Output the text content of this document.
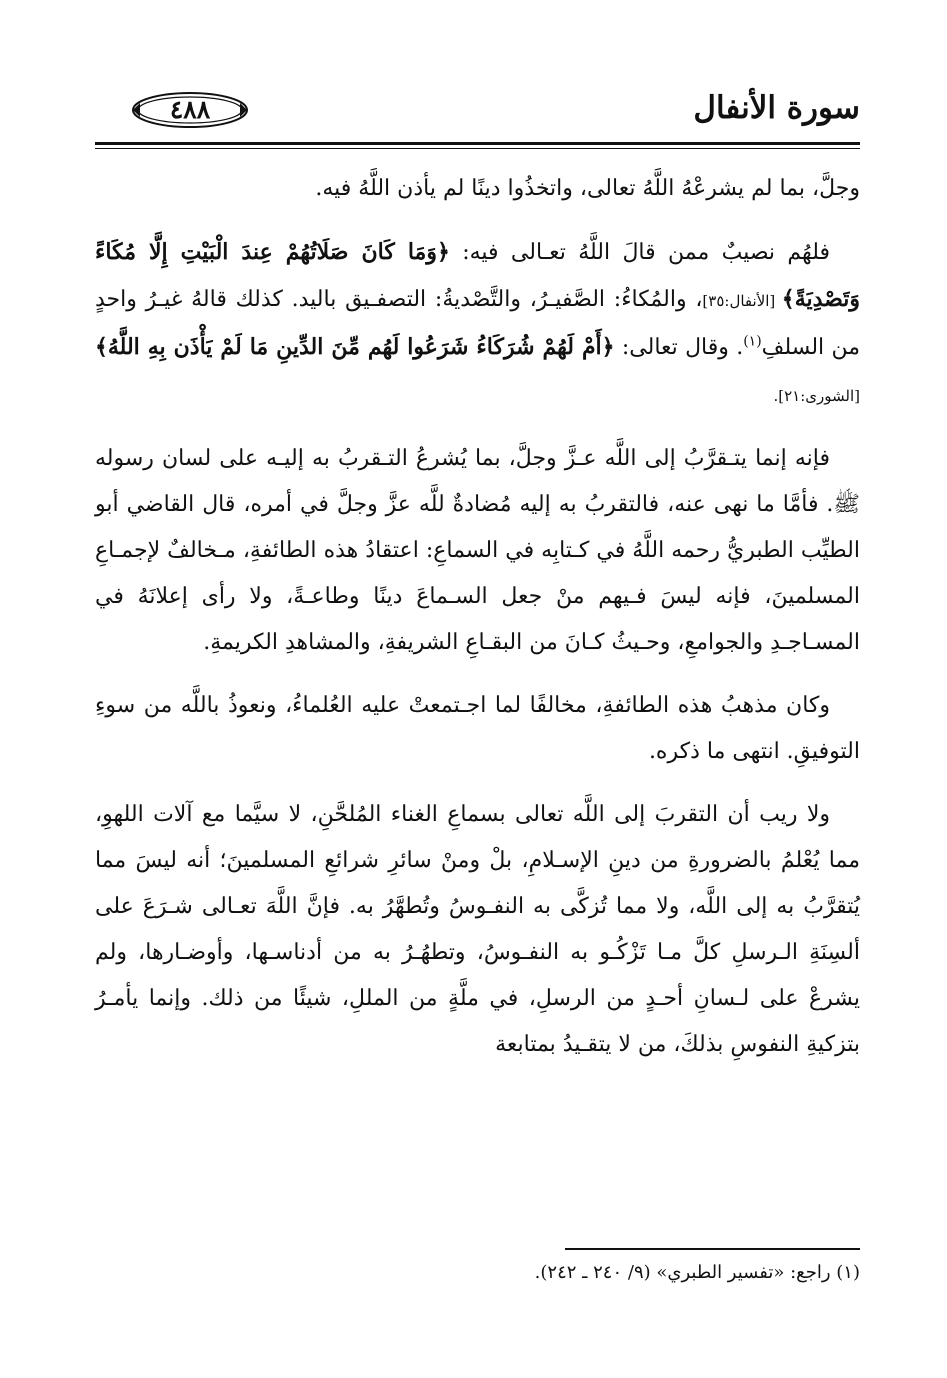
٤٨٨	سورة الأنفال

وجلَّ، بما لم يشرعْهُ اللَّهُ تعالى، واتخذُوا دينًا لم يأذن اللَّهُ فيه.

فلهُم نصيبٌ ممن قالَ اللَّهُ تعـالى فيه: ﴿وَمَا كَانَ صَلَاتُهُمْ عِندَ الْبَيْتِ إِلَّا مُكَاءً وَتَصْدِيَةً﴾ [الأنفال:٣٥]، والمُكاءُ: الصَّفيـرُ، والتَّصْديةُ: التصفـيق باليد. كذلك قالهُ غيـرُ واحدٍ من السلفِ$^{(١)}$. وقال تعالى: ﴿أَمْ لَهُمْ شُرَكَاءُ شَرَعُوا لَهُم مِّنَ الدِّينِ مَا لَمْ يَأْذَن بِهِ اللَّهُ﴾ [الشورى:٢١].

فإنه إنما يتـقرَّبُ إلى اللَّه عـزَّ وجلَّ، بما يُشرعُ التـقربُ به إليـه على لسان رسوله ﷺ. فأمَّا ما نهى عنه، فالتقربُ به إليه مُضادةٌ للَّه عزَّ وجلَّ في أمره، قال القاضي أبو الطيِّب الطبريُّ رحمه اللَّهُ في كـتابِه في السماعِ: اعتقادُ هذه الطائفةِ، مـخالفٌ لإجمـاعِ المسلمينَ، فإنه ليسَ فـيهم منْ جعل السـماعَ دينًا وطاعـةً، ولا رأى إعلانَهُ في المسـاجـدِ والجوامعِ، وحـيثُ كـانَ من البقـاعِ الشريفةِ، والمشاهدِ الكريمةِ.

وكان مذهبُ هذه الطائفةِ، مخالفًا لما اجـتمعتْ عليه العُلماءُ، ونعوذُ باللَّه من سوءِ التوفيقِ. انتهى ما ذكره.

ولا ريب أن التقربَ إلى اللَّه تعالى بسماعِ الغناء المُلحَّنِ، لا سيَّما مع آلات اللهوِ، مما يُعْلمُ بالضرورةِ من دينِ الإسـلامِ، بلْ ومنْ سائرِ شرائعِ المسلمينَ؛ أنه ليسَ مما يُتقرَّبُ به إلى اللَّه، ولا مما تُزكَّى به النفـوسُ وتُطهَّرُ به. فإنَّ اللَّهَ تعـالى شـرَعَ على ألسِنَةِ الـرسلِ كلَّ مـا تَزْكُـو به النفـوسُ، وتطهُـرُ به من أدناسـها، وأوضـارها، ولم يشرعْ على لـسانِ أحـدٍ من الرسلِ، في ملَّةٍ من المللِ، شيئًا من ذلك. وإنما يأمـرُ بتزكيةِ النفوسِ بذلكَ، من لا يتقـيدُ بمتابعة

(١) راجع: «تفسير الطبري» (٩/ ٢٤٠ ـ ٢٤٢).
